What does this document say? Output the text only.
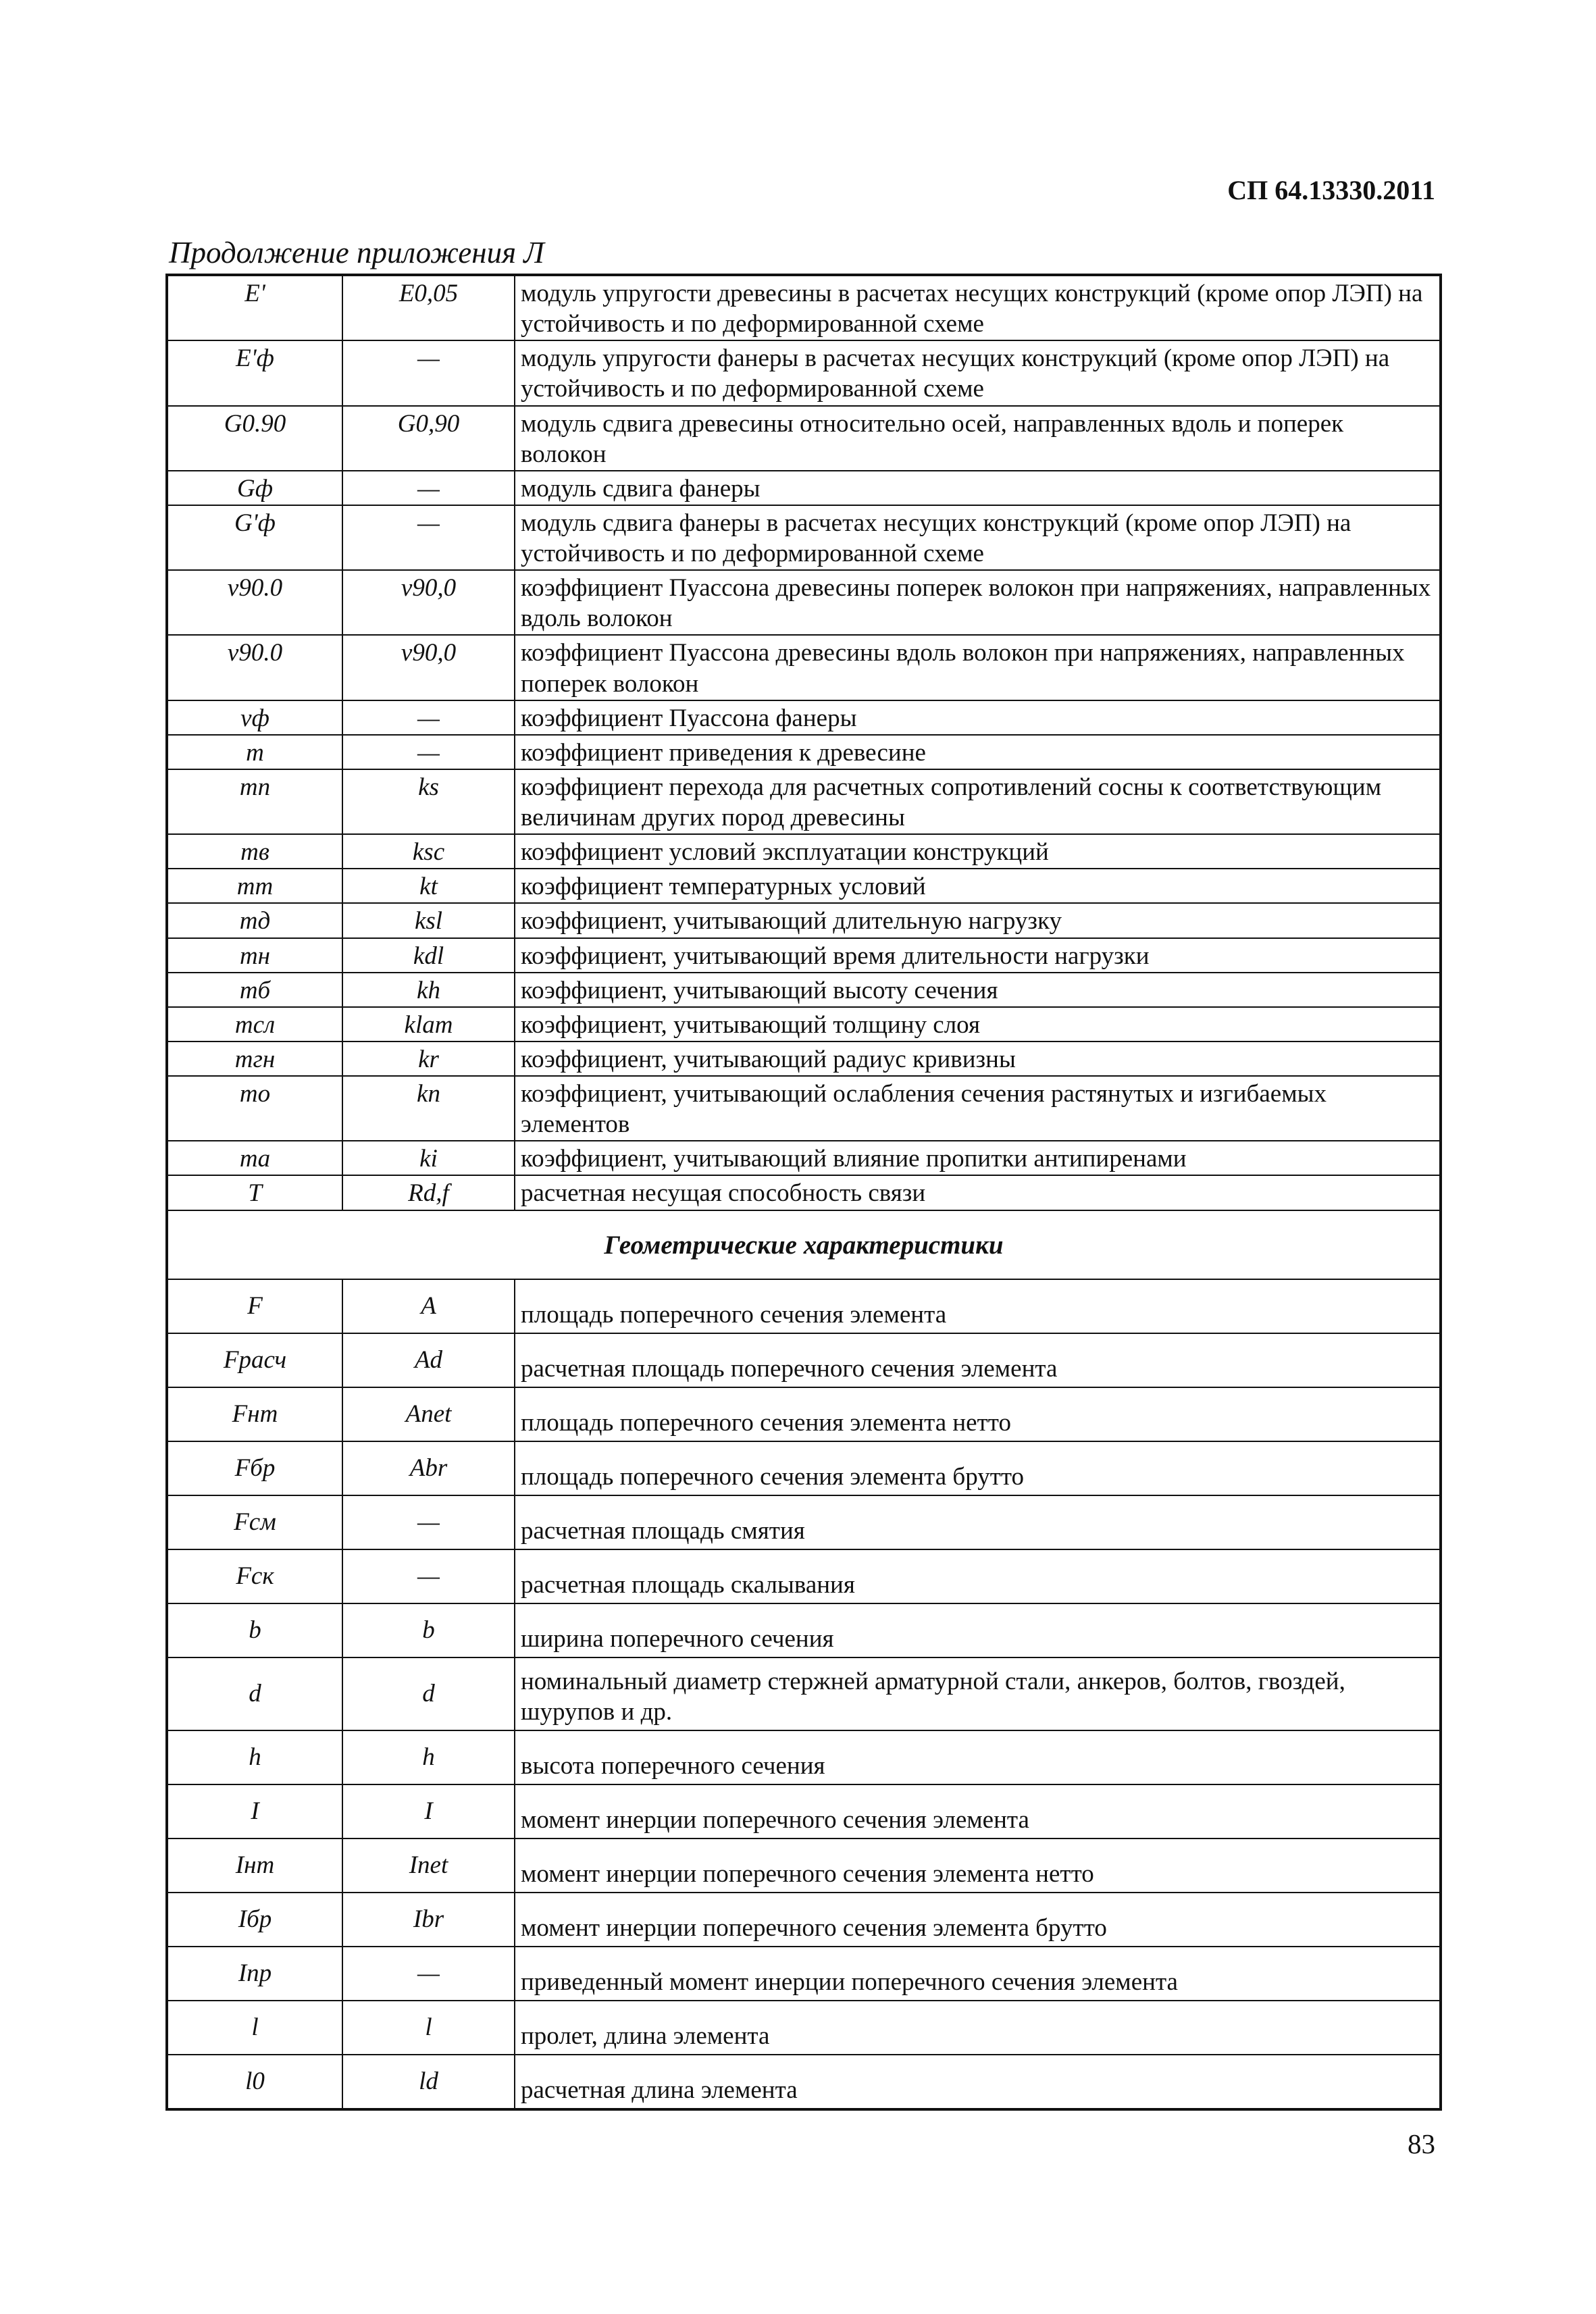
СП 64.13330.2011
Продолжение приложения Л
E'	E0,05	модуль упругости древесины в расчетах несущих конструкций (кроме опор ЛЭП) на устойчивость и по деформированной схеме
E'ф	—	модуль упругости фанеры в расчетах несущих конструкций (кроме опор ЛЭП) на устойчивость и по деформированной схеме
G0.90	G0,90	модуль сдвига древесины относительно осей, направленных вдоль и поперек волокон
Gф	—	модуль сдвига фанеры
G'ф	—	модуль сдвига фанеры в расчетах несущих конструкций (кроме опор ЛЭП) на устойчивость и по деформированной схеме
ν90.0	ν90,0	коэффициент Пуассона древесины поперек волокон при напряжениях, направленных вдоль волокон
ν90.0	ν90,0	коэффициент Пуассона древесины вдоль волокон при напряжениях, направленных поперек волокон
νф	—	коэффициент Пуассона фанеры
m	—	коэффициент приведения к древесине
mп	ks	коэффициент перехода для расчетных сопротивлений сосны к соответствующим величинам других пород древесины
mв	ksc	коэффициент условий эксплуатации конструкций
mт	kt	коэффициент температурных условий
mд	ksl	коэффициент, учитывающий длительную нагрузку
mн	kdl	коэффициент, учитывающий время длительности нагрузки
mб	kh	коэффициент, учитывающий высоту сечения
mсл	klam	коэффициент, учитывающий толщину слоя
mгн	kr	коэффициент, учитывающий радиус кривизны
mо	kn	коэффициент, учитывающий ослабления сечения растянутых и изгибаемых элементов
mа	ki	коэффициент, учитывающий влияние пропитки антипиренами
T	Rd,f	расчетная несущая способность связи
Геометрические характеристики		
F	A	площадь поперечного сечения элемента
Fрасч	Ad	расчетная площадь поперечного сечения элемента
Fнт	Anet	площадь поперечного сечения элемента нетто
Fбр	Abr	площадь поперечного сечения элемента брутто
Fсм	—	расчетная площадь смятия
Fск	—	расчетная площадь скалывания
b	b	ширина поперечного сечения
d	d	номинальный диаметр стержней арматурной стали, анкеров, болтов, гвоздей, шурупов и др.
h	h	высота поперечного сечения
I	I	момент инерции поперечного сечения элемента
Iнт	Inet	момент инерции поперечного сечения элемента нетто
Iбр	Ibr	момент инерции поперечного сечения элемента брутто
Iпр	—	приведенный момент инерции поперечного сечения элемента
l	l	пролет, длина элемента
l0	ld	расчетная длина элемента
83
